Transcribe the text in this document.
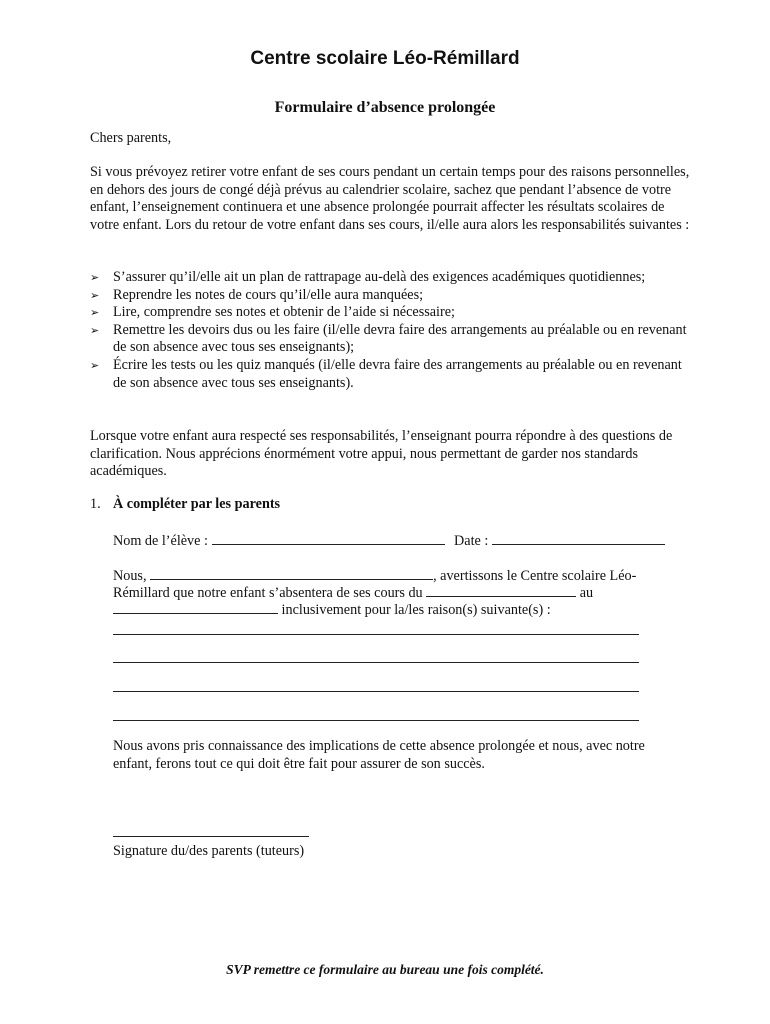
Centre scolaire Léo-Rémillard
Formulaire d’absence prolongée
Chers parents,
Si vous prévoyez retirer votre enfant de ses cours pendant un certain temps pour des raisons personnelles, en dehors des jours de congé déjà prévus au calendrier scolaire, sachez que pendant l’absence de votre enfant, l’enseignement continuera et une absence prolongée pourrait affecter les résultats scolaires de votre enfant. Lors du retour de votre enfant dans ses cours, il/elle aura alors les responsabilités suivantes :
➢ S’assurer qu’il/elle ait un plan de rattrapage au-delà des exigences académiques quotidiennes;
➢ Reprendre les notes de cours qu’il/elle aura manquées;
➢ Lire, comprendre ses notes et obtenir de l’aide si nécessaire;
➢ Remettre les devoirs dus ou les faire (il/elle devra faire des arrangements au préalable ou en revenant de son absence avec tous ses enseignants);
➢ Écrire les tests ou les quiz manqués (il/elle devra faire des arrangements au préalable ou en revenant de son absence avec tous ses enseignants).
Lorsque votre enfant aura respecté ses responsabilités, l’enseignant pourra répondre à des questions de clarification. Nous apprécions énormément votre appui, nous permettant de garder nos standards académiques.
1. À compléter par les parents
Nom de l’élève :	Date :
Nous,	, avertissons le Centre scolaire Léo-
Rémillard que notre enfant s’absentera de ses cours du	au
inclusivement pour la/les raison(s) suivante(s) :
Nous avons pris connaissance des implications de cette absence prolongée et nous, avec notre enfant, ferons tout ce qui doit être fait pour assurer de son succès.
Signature du/des parents (tuteurs)
SVP remettre ce formulaire au bureau une fois complété.
